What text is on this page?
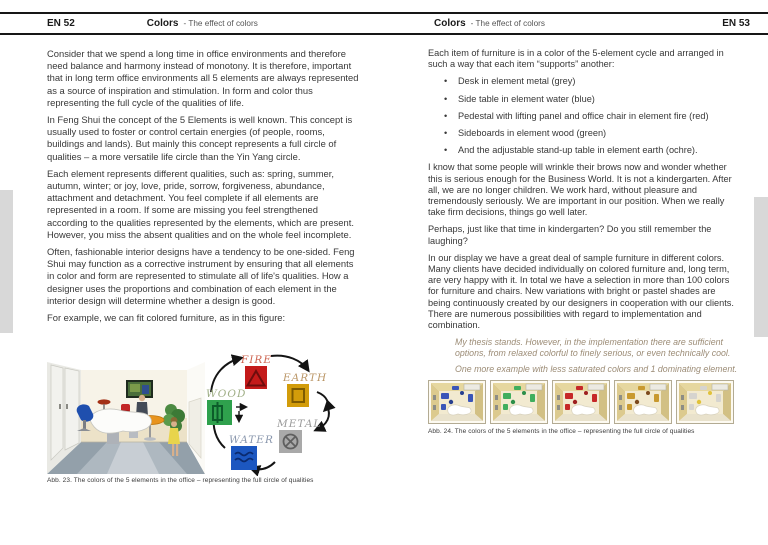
EN 52	Colors - The effect of colors	Colors - The effect of colors	EN 53

Consider that we spend a long time in office environments and therefore need balance and harmony instead of monotony. It is therefore, important that in long term office environments all 5 elements are always represented as a source of inspiration and stimulation. In form and color thus representing the full cycle of the qualities of life.

In Feng Shui the concept of the 5 Elements is well known. This concept is usually used to foster or control certain energies (of people, rooms, buildings and lands). But mainly this concept represents a full circle of qualities – a more versatile life circle than the Yin Yang circle.

Each element represents different qualities, such as: spring, summer, autumn, winter; or joy, love, pride, sorrow, forgiveness, abundance, attachment and detachment. You feel complete if all elements are represented in a room. If some are missing you feel strengthened according to the qualities represented by the elements, which are present. However, you miss the absent qualities and on the whole feel incomplete.

Often, fashionable interior designs have a tendency to be one-sided. Feng Shui may function as a corrective instrument by ensuring that all elements in color and form are represented to stimulate all of life's qualities. How a designer uses the proportions and combination of each element in the interior design will determine whether a design is good.

For example, we can fit colored furniture, as in this figure:

FIRE
EARTH
METAL
WATER
WOOD
Abb. 23. The colors of the 5 elements in the office – representing the full circle of qualities

Each item of furniture is in a color of the 5-element cycle and arranged in such a way that each item “supports” another:

•	Desk in element metal (grey)
•	Side table in element water (blue)
•	Pedestal with lifting panel and office chair in element fire (red)
•	Sideboards in element wood (green)
•	And the adjustable stand-up table in element earth (ochre).

I know that some people will wrinkle their brows now and wonder whether this is serious enough for the Business World. It is not a kindergarten. After all, we are no longer children. We work hard, without pleasure and tremendously seriously. We are important in our position. When we really take firm decisions, things go well later.

Perhaps, just like that time in kindergarten? Do you still remember the laughing?

In our display we have a great deal of sample furniture in different colors. Many clients have decided individually on colored furniture and, long term, are very happy with it. In total we have a selection in more than 100 colors for furniture and chairs. New variations with bright or pastel shades are being continuously created by our designers in cooperation with our clients. There are numerous possibilities with regard to implementation and combination.

My thesis stands. However, in the implementation there are sufficient options, from relaxed colorful to finely serious, or even technically cool.
One more example with less saturated colors and 1 dominating element.
Abb. 24. The colors of the 5 elements in the office – representing the full circle of qualities
